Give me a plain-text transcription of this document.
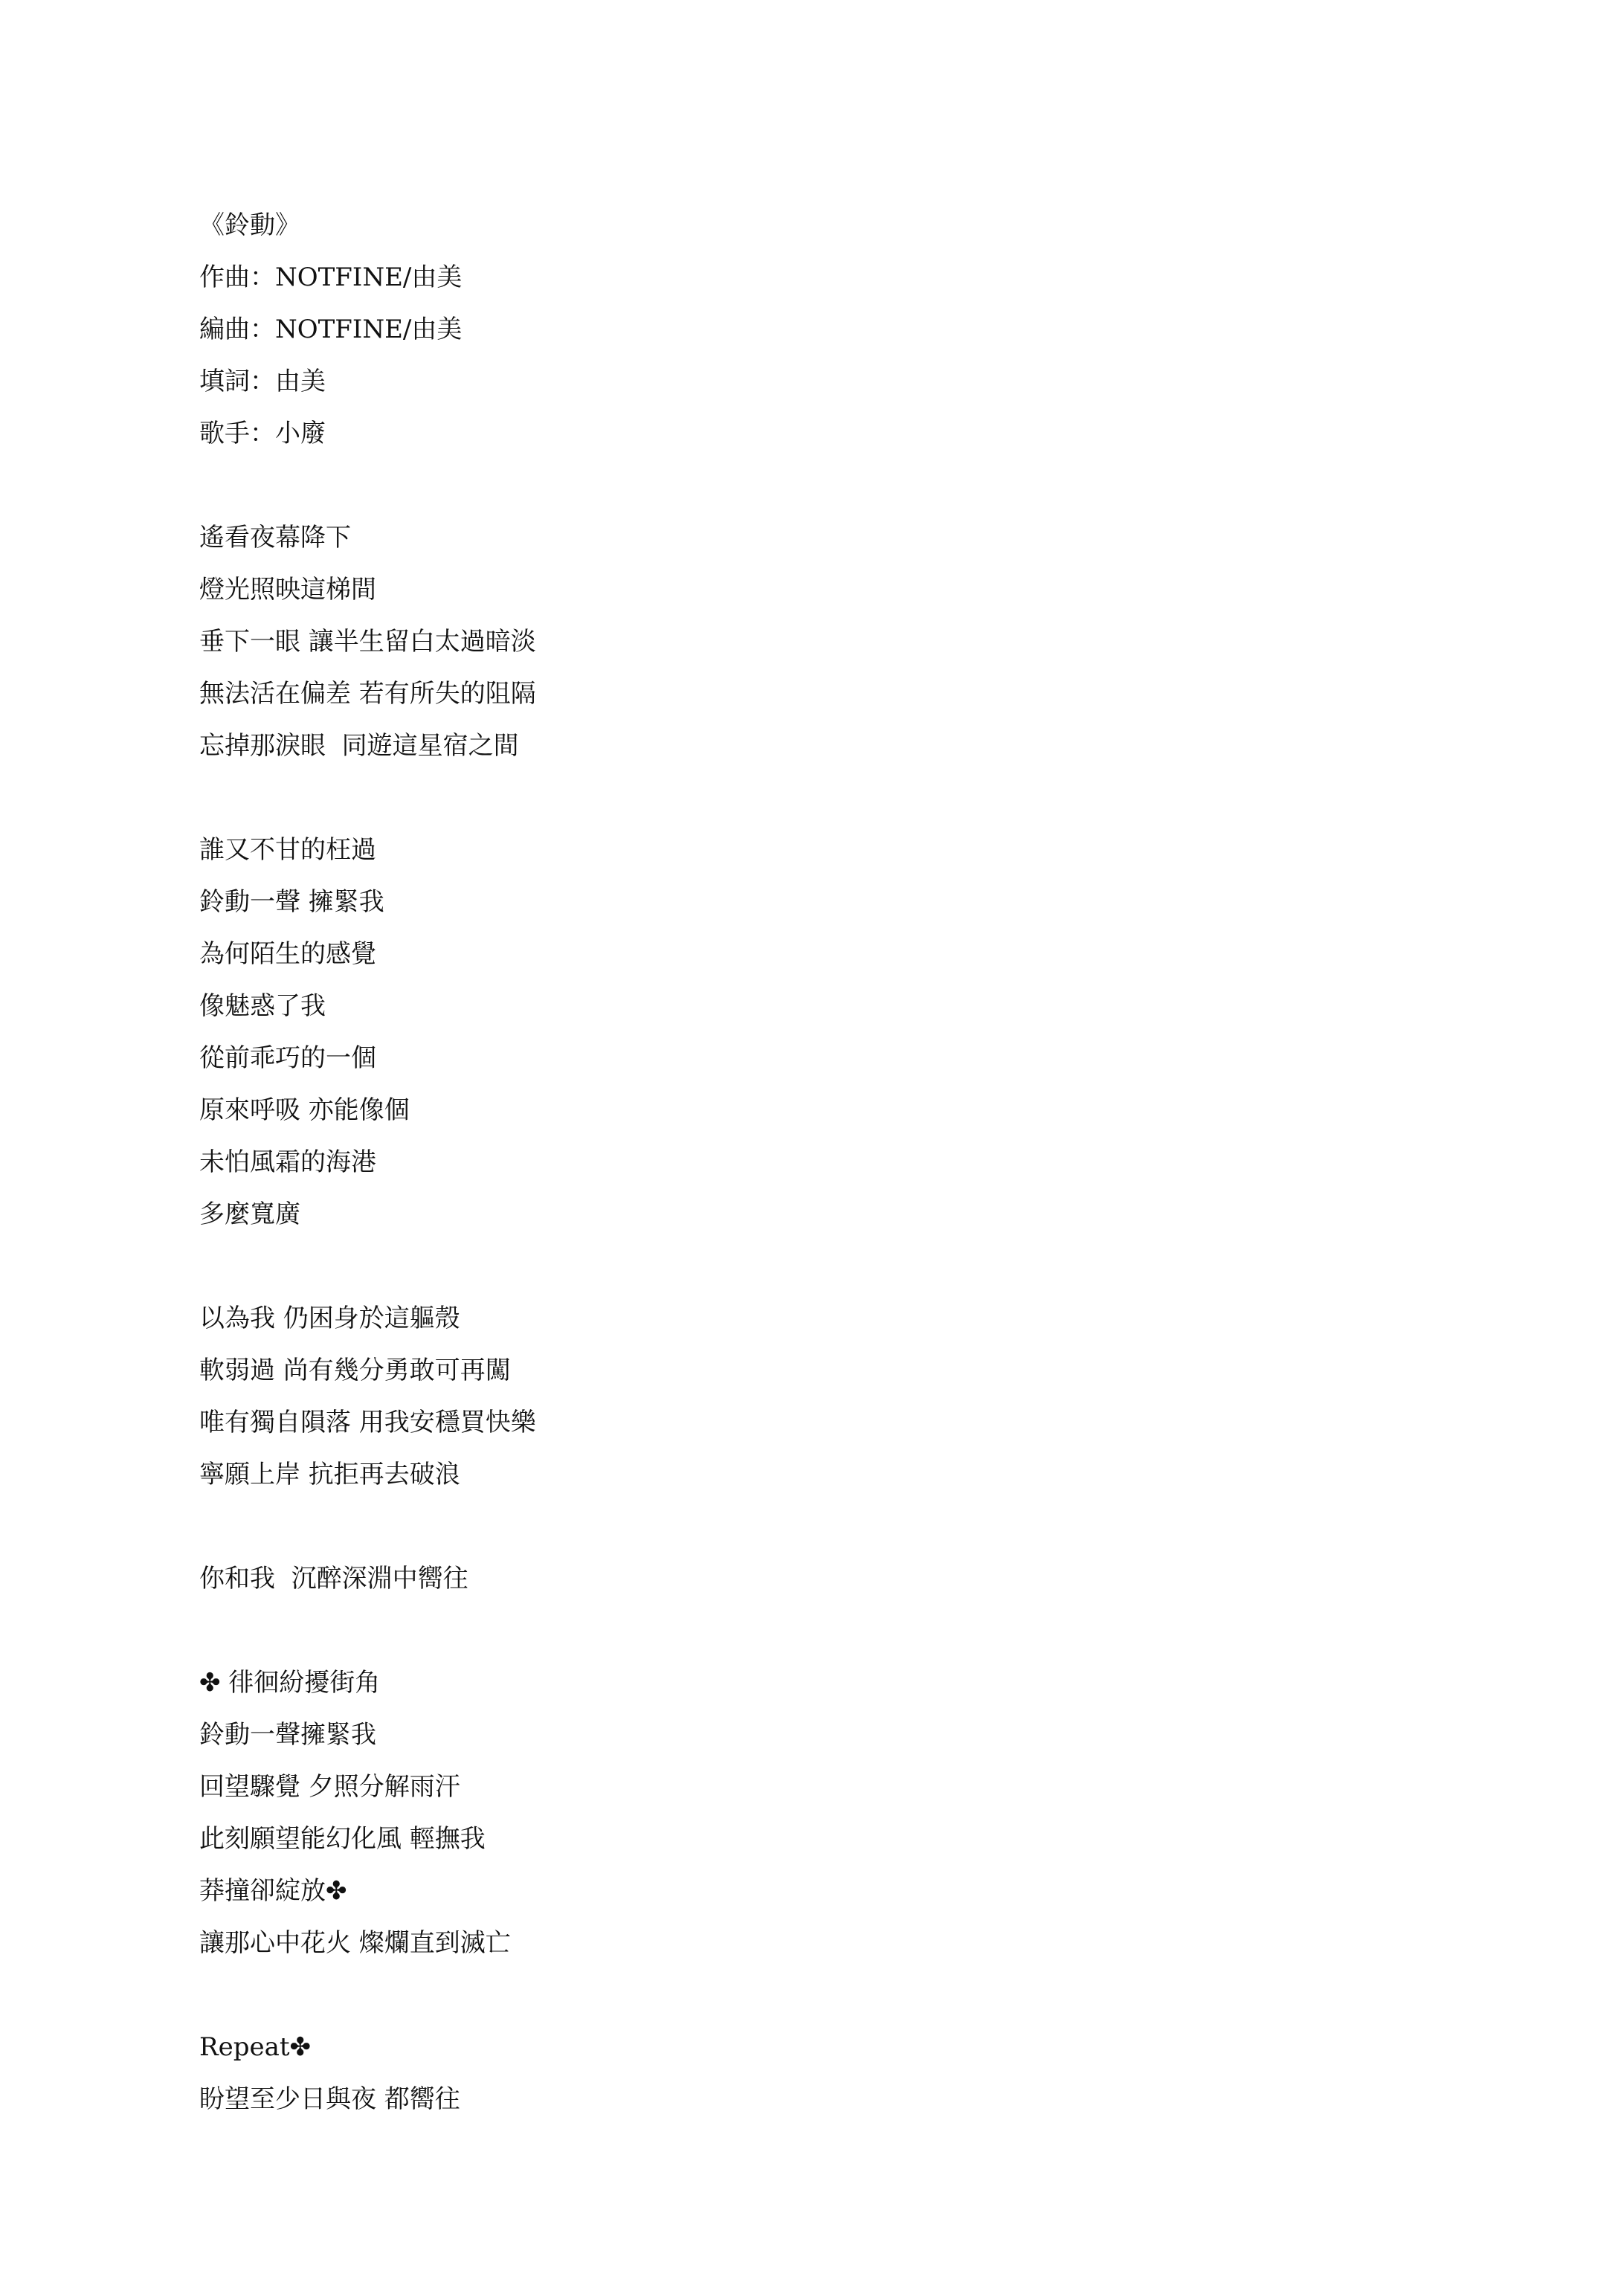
《鈴動》
作曲：NOTFINE/由美
編曲：NOTFINE/由美
填詞：由美
歌手：小廢
遙看夜幕降下
燈光照映這梯間
垂下一眼 讓半生留白太過暗淡
無法活在偏差 若有所失的阻隔
忘掉那淚眼  同遊這星宿之間
誰又不甘的枉過
鈴動一聲 擁緊我
為何陌生的感覺
像魅惑了我
從前乖巧的一個
原來呼吸 亦能像個
未怕風霜的海港
多麼寬廣
以為我 仍困身於這軀殼
軟弱過 尚有幾分勇敢可再闖
唯有獨自隕落 用我安穩買快樂
寧願上岸 抗拒再去破浪
你和我  沉醉深淵中嚮往
✤ 徘徊紛擾街角
鈴動一聲擁緊我
回望驟覺 夕照分解雨汗
此刻願望能幻化風 輕撫我
莽撞卻綻放✤
讓那心中花火 燦爛直到滅亡
Repeat✤
盼望至少日與夜 都嚮往
